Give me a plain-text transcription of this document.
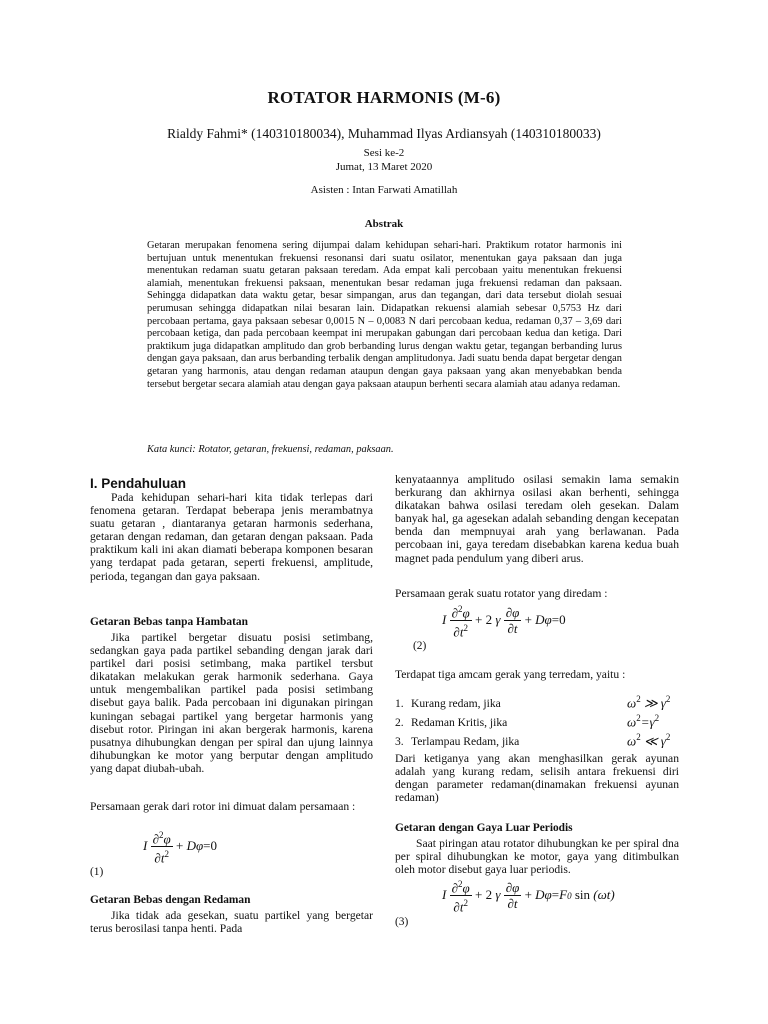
ROTATOR HARMONIS (M-6)
Rialdy Fahmi* (140310180034), Muhammad Ilyas Ardiansyah (140310180033)
Sesi ke-2
Jumat, 13 Maret 2020
Asisten : Intan Farwati Amatillah
Abstrak
Getaran merupakan fenomena sering dijumpai dalam kehidupan sehari-hari. Praktikum rotator harmonis ini bertujuan untuk menentukan frekuensi resonansi dari suatu osilator, menentukan gaya paksaan dan juga menentukan redaman suatu getaran paksaan teredam. Ada empat kali percobaan yaitu menentukan frekuensi alamiah, menentukan frekuensi paksaan, menentukan besar redaman juga frekuensi redaman dan paksaan. Sehingga didapatkan data waktu getar, besar simpangan, arus dan tegangan, dari data tersebut diolah sesuai perumusan sehingga didapatkan nilai besaran lain. Didapatkan rekuensi alamiah sebesar 0,5753 Hz dari percobaan pertama, gaya paksaan sebesar 0,0015 N – 0,0083 N dari percobaan kedua, redaman 0,37 – 3,69 dari percobaan ketiga, dan pada percobaan keempat ini merupakan gabungan dari percobaan kedua dan ketiga. Dari praktikum juga didapatkan amplitudo dan grob berbanding lurus dengan waktu getar, tegangan berbanding lurus dengan gaya paksaan, dan arus berbanding terbalik dengan amplitudonya. Jadi suatu benda dapat bergetar dengan getaran yang harmonis, atau dengan redaman ataupun dengan gaya paksaan yang akan menyebabkan benda tersebut bergetar secara alamiah atau dengan gaya paksaan ataupun berhenti secara alamiah atau adanya redaman.
Kata kunci: Rotator, getaran, frekuensi, redaman, paksaan.
I. Pendahuluan

Pada kehidupan sehari-hari kita tidak terlepas dari fenomena getaran. Terdapat beberapa jenis merambatnya suatu getaran , diantaranya getaran harmonis sederhana, getaran dengan redaman, dan getaran dengan paksaan. Pada praktikum kali ini akan diamati beberapa komponen besaran yang terdapat pada getaran, seperti frekuensi, amplitude, perioda, tegangan dan gaya paksaan.

Getaran Bebas tanpa Hambatan

Jika partikel bergetar disuatu posisi setimbang, sedangkan gaya pada partikel sebanding dengan jarak dari partikel dari posisi setimbang, maka partikel tersbut dikatakan melakukan gerak harmonik sederhana. Gaya untuk mengembalikan partikel pada posisi setimbang disebut gaya balik. Pada percobaan ini digunakan piringan kuningan sebagai partikel yang bergetar harmonis yang disebut rotor. Piringan ini akan bergerak harmonis, karena pusatnya dihubungkan dengan per spiral dan ujung lainnya dihubungkan ke motor yang berputar dengan amplitudo yang dapat diubah-ubah.

Persamaan gerak dari rotor ini dimuat dalam persamaan :

I $\frac{\partial^2\varphi}{\partial t^2} + D\varphi=0$
(1)
Getaran Bebas dengan Redaman

Jika tidak ada gesekan, suatu partikel yang bergetar terus berosilasi tanpa henti. Pada

kenyataannya amplitudo osilasi semakin lama semakin berkurang dan akhirnya osilasi akan berhenti, sehingga dikatakan bahwa osilasi teredam oleh gesekan. Dalam banyak hal, ga agesekan adalah sebanding dengan kecepatan benda dan mempnuyai arah yang berlawanan. Pada percobaan ini, gaya teredam disebabkan karena kedua buah magnet pada pendulum yang diberi arus.

Persamaan gerak suatu rotator yang diredam :

I $\frac{\partial^2\varphi}{\partial t^2} + 2$ γ $\frac{\partial\varphi}{\partial t} + D\varphi=0$
(2)

Terdapat tiga amcam gerak yang terredam, yaitu :

1. Kurang redam, jika	$\omega^2$ ≫ $\gamma^2$
2. Redaman Kritis, jika	$\omega^2=\gamma^2$
3. Terlampau Redam, jika	$\omega^2$ ≪ $\gamma^2$

Dari ketiganya yang akan menghasilkan gerak ayunan adalah yang kurang redam, selisih antara frekuensi diri dengan parameter redaman(dinamakan frekuensi ayunan redaman)

Getaran dengan Gaya Luar Periodis

Saat piringan atau rotator dihubungkan ke per spiral dna per spiral dihubungkan ke motor, gaya yang ditimbulkan oleh motor disebut gaya luar periodis.

I $\frac{\partial^2\varphi}{\partial t^2} + 2$ γ $\frac{\partial\varphi}{\partial t} + D\varphi=F0$ sin (ωt)
(3)
